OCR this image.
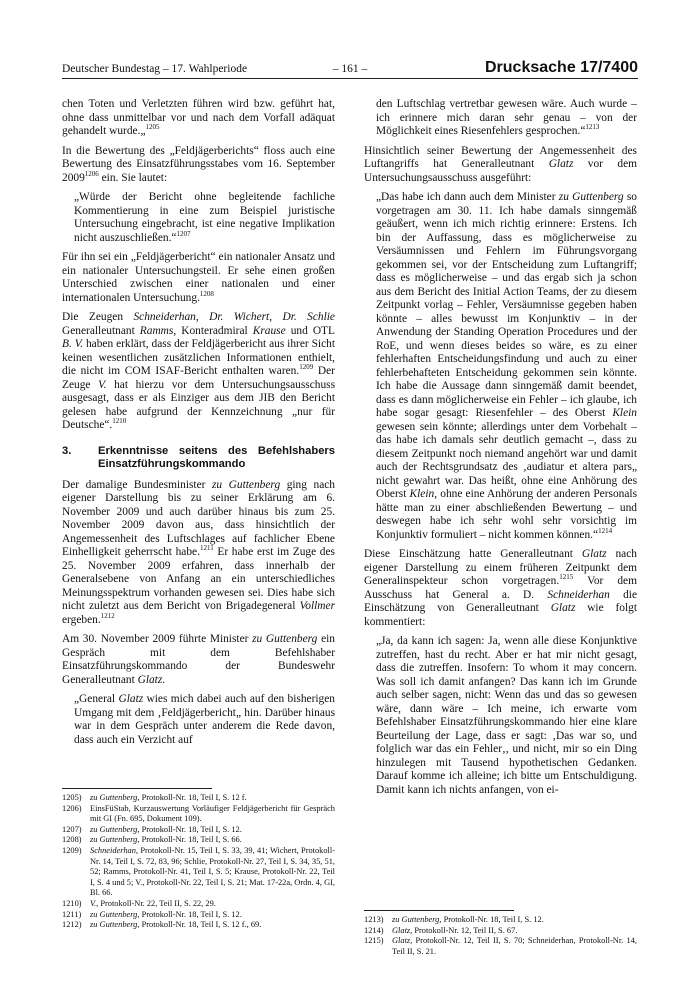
Deutscher Bundestag – 17. Wahlperiode	– 161 –	Drucksache 17/7400

chen Toten und Verletzten führen wird bzw. geführt hat, ohne dass unmittelbar vor und nach dem Vorfall adäquat gehandelt wurde.„$^{1205}$

In die Bewertung des „Feldjägerberichts“ floss auch eine Bewertung des Einsatzführungsstabes vom 16. September $2009^{1206}$ ein. Sie lautet:

„Würde der Bericht ohne begleitende fachliche Kommentierung in eine zum Beispiel juristische Untersuchung eingebracht, ist eine negative Implikation nicht auszuschließen.“$^{1207}$

Für ihn sei ein „Feldjägerbericht“ ein nationaler Ansatz und ein nationaler Untersuchungsteil. Er sehe einen großen Unterschied zwischen einer nationalen und einer internationalen Untersuchung.$^{1208}$

Die Zeugen Schneiderhan, Dr. Wichert, Dr. Schlie Generalleutnant Ramms, Konteradmiral Krause und OTL B. V. haben erklärt, dass der Feldjägerbericht aus ihrer Sicht keinen wesentlichen zusätzlichen Informationen enthielt, die nicht im COM ISAF-Bericht enthalten waren.$^{1209}$ Der Zeuge V. hat hierzu vor dem Untersuchungsausschuss ausgesagt, dass er als Einziger aus dem JIB den Bericht gelesen habe aufgrund der Kennzeichnung „nur für Deutsche“.$^{1210}$

3.	Erkenntnisse seitens des Befehlshabers Einsatzführungskommando

Der damalige Bundesminister zu Guttenberg ging nach eigener Darstellung bis zu seiner Erklärung am 6. November 2009 und auch darüber hinaus bis zum 25. November 2009 davon aus, dass hinsichtlich der Angemessenheit des Luftschlages auf fachlicher Ebene Einhelligkeit geherrscht habe.$^{1211}$ Er habe erst im Zuge des 25. November 2009 erfahren, dass innerhalb der Generalsebene von Anfang an ein unterschiedliches Meinungsspektrum vorhanden gewesen sei. Dies habe sich nicht zuletzt aus dem Bericht von Brigadegeneral Vollmer ergeben.$^{1212}$

Am 30. November 2009 führte Minister zu Guttenberg ein Gespräch mit dem Befehlshaber Einsatzführungskommando der Bundeswehr Generalleutnant Glatz.

„General Glatz wies mich dabei auch auf den bisherigen Umgang mit dem ‚Feldjägerbericht„ hin. Darüber hinaus war in dem Gespräch unter anderem die Rede davon, dass auch ein Verzicht auf

den Luftschlag vertretbar gewesen wäre. Auch wurde – ich erinnere mich daran sehr genau – von der Möglichkeit eines Riesenfehlers gesprochen.“$^{1213}$

Hinsichtlich seiner Bewertung der Angemessenheit des Luftangriffs hat Generalleutnant Glatz vor dem Untersuchungsausschuss ausgeführt:

„Das habe ich dann auch dem Minister zu Guttenberg so vorgetragen am 30. 11. Ich habe damals sinngemäß geäußert, wenn ich mich richtig erinnere: Erstens. Ich bin der Auffassung, dass es möglicherweise zu Versäumnissen und Fehlern im Führungsvorgang gekommen sei, vor der Entscheidung zum Luftangriff; dass es möglicherweise – und das ergab sich ja schon aus dem Bericht des Initial Action Teams, der zu diesem Zeitpunkt vorlag – Fehler, Versäumnisse gegeben haben könnte – alles bewusst im Konjunktiv – in der Anwendung der Standing Operation Procedures und der RoE, und wenn dieses beides so wäre, es zu einer fehlerhaften Entscheidungsfindung und auch zu einer fehlerbehafteten Entscheidung gekommen sein könnte. Ich habe die Aussage dann sinngemäß damit beendet, dass es dann möglicherweise ein Fehler – ich glaube, ich habe sogar gesagt: Riesenfehler – des Oberst Klein gewesen sein könnte; allerdings unter dem Vorbehalt – das habe ich damals sehr deutlich gemacht –, dass zu diesem Zeitpunkt noch niemand angehört war und damit auch der Rechtsgrundsatz des ‚audiatur et altera pars„ nicht gewahrt war. Das heißt, ohne eine Anhörung des Oberst Klein, ohne eine Anhörung der anderen Personals hätte man zu einer abschließenden Bewertung – und deswegen habe ich sehr wohl sehr vorsichtig im Konjunktiv formuliert – nicht kommen können.“$^{1214}$

Diese Einschätzung hatte Generalleutnant Glatz nach eigener Darstellung zu einem früheren Zeitpunkt dem Generalinspekteur schon vorgetragen.$^{1215}$ Vor dem Ausschuss hat General a. D. Schneiderhan die Einschätzung von Generalleutnant Glatz wie folgt kommentiert:

„Ja, da kann ich sagen: Ja, wenn alle diese Konjunktive zutreffen, hast du recht. Aber er hat mir nicht gesagt, dass die zutreffen. Insofern: To whom it may concern. Was soll ich damit anfangen? Das kann ich im Grunde auch selber sagen, nicht: Wenn das und das so gewesen wäre, dann wäre – Ich meine, ich erwarte vom Befehlshaber Einsatzführungskommando hier eine klare Beurteilung der Lage, dass er sagt: ‚Das war so, und folglich war das ein Fehler‚, und nicht, mir so ein Ding hinzulegen mit Tausend hypothetischen Gedanken. Darauf komme ich alleine; ich bitte um Entschuldigung. Damit kann ich nichts anfangen, von ei-

1205)	zu Guttenberg, Protokoll-Nr. 18, Teil I, S. 12 f.
1206)	EinsFüStab, Kurzauswertung Vorläufiger Feldjägerbericht für Gespräch mit GI (Fn. 695, Dokument 109).
1207)	zu Guttenberg, Protokoll-Nr. 18, Teil I, S. 12.
1208)	zu Guttenberg, Protokoll-Nr. 18, Teil I, S. 66.
1209)	Schneiderhan, Protokoll-Nr. 15, Teil I, S. 33, 39, 41; Wichert, Protokoll-Nr. 14, Teil I, S. 72, 83, 96; Schlie, Protokoll-Nr. 27, Teil I, S. 34, 35, 51, 52; Ramms, Protokoll-Nr. 41, Teil I, S. 5; Krause, Protokoll-Nr. 22, Teil I, S. 4 und 5; V., Protokoll-Nr. 22, Teil I, S. 21; Mat. 17-22a, Ordn. 4, GI, Bl. 66.
1210)	V., Protokoll-Nr. 22, Teil II, S. 22, 29.
1211)	zu Guttenberg, Protokoll-Nr. 18, Teil I, S. 12.
1212)	zu Guttenberg, Protokoll-Nr. 18, Teil I, S. 12 f., 69.
1213)	zu Guttenberg, Protokoll-Nr. 18, Teil I, S. 12.
1214)	Glatz, Protokoll-Nr. 12, Teil II, S. 67.
1215)	Glatz, Protokoll-Nr. 12, Teil II, S. 70; Schneiderhan, Protokoll-Nr. 14, Teil II, S. 21.
